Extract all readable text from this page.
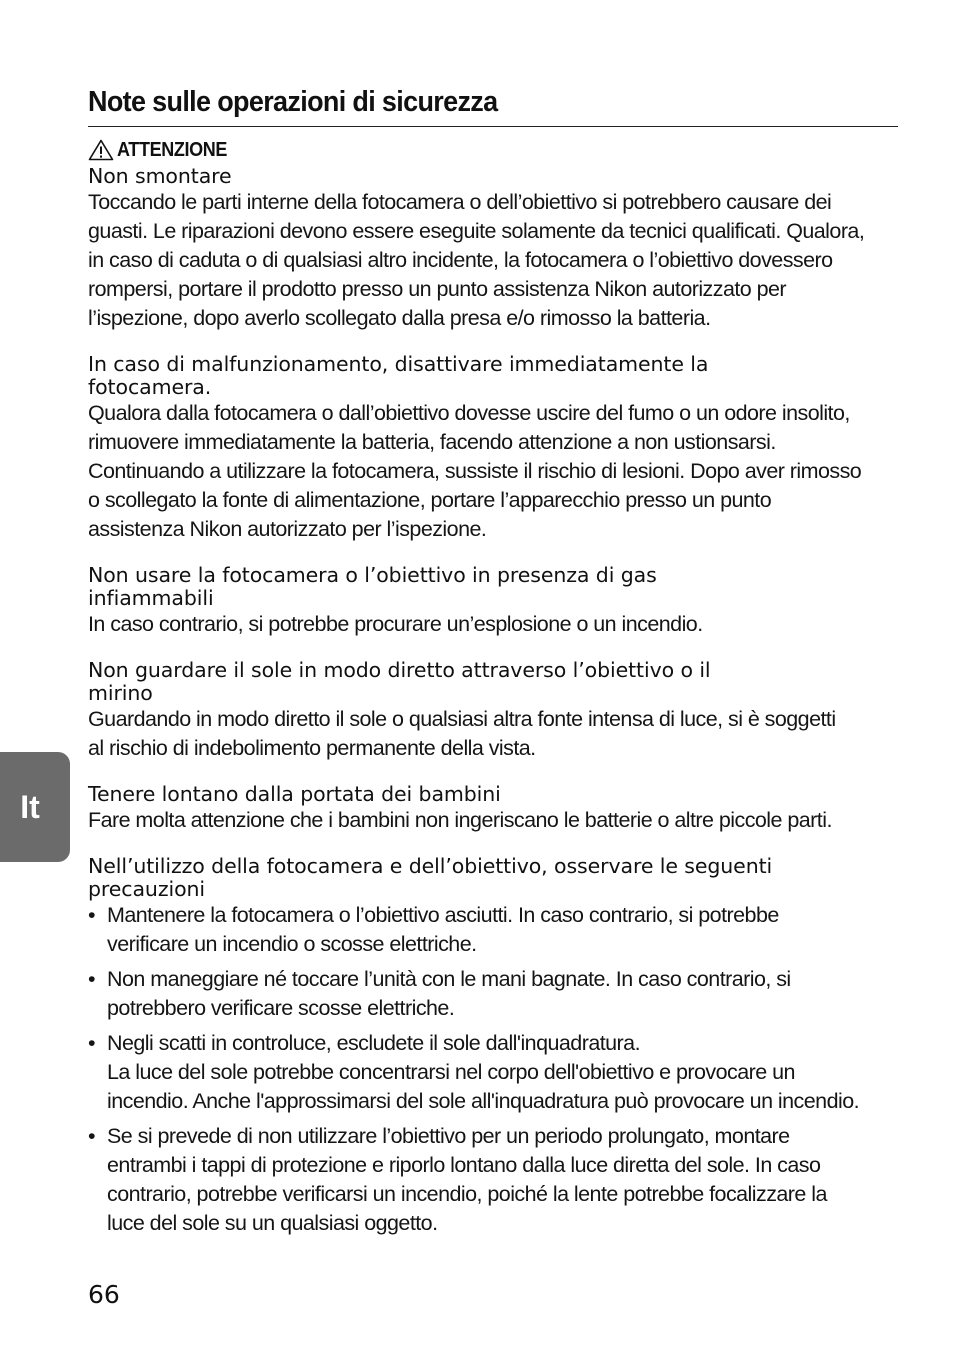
Note sulle operazioni di sicurezza
ATTENZIONE
Non smontare
Toccando le parti interne della fotocamera o dell’obiettivo si potrebbero causare dei
guasti. Le riparazioni devono essere eseguite solamente da tecnici qualificati. Qualora,
in caso di caduta o di qualsiasi altro incidente, la fotocamera o l’obiettivo dovessero
rompersi, portare il prodotto presso un punto assistenza Nikon autorizzato per
l’ispezione, dopo averlo scollegato dalla presa e/o rimosso la batteria.
In caso di malfunzionamento, disattivare immediatamente la
fotocamera.
Qualora dalla fotocamera o dall’obiettivo dovesse uscire del fumo o un odore insolito,
rimuovere immediatamente la batteria, facendo attenzione a non ustionsarsi.
Continuando a utilizzare la fotocamera, sussiste il rischio di lesioni. Dopo aver rimosso
o scollegato la fonte di alimentazione, portare l’apparecchio presso un punto
assistenza Nikon autorizzato per l’ispezione.
Non usare la fotocamera o l’obiettivo in presenza di gas
infiammabili
In caso contrario, si potrebbe procurare un’esplosione o un incendio.
Non guardare il sole in modo diretto attraverso l’obiettivo o il
mirino
Guardando in modo diretto il sole o qualsiasi altra fonte intensa di luce, si è soggetti
al rischio di indebolimento permanente della vista.
Tenere lontano dalla portata dei bambini
Fare molta attenzione che i bambini non ingeriscano le batterie o altre piccole parti.
Nell’utilizzo della fotocamera e dell’obiettivo, osservare le seguenti
precauzioni
• Mantenere la fotocamera o l’obiettivo asciutti. In caso contrario, si potrebbe
verificare un incendio o scosse elettriche.
• Non maneggiare né toccare l’unità con le mani bagnate. In caso contrario, si
potrebbero verificare scosse elettriche.
• Negli scatti in controluce, escludete il sole dall'inquadratura.
La luce del sole potrebbe concentrarsi nel corpo dell'obiettivo e provocare un
incendio. Anche l'approssimarsi del sole all'inquadratura può provocare un incendio.
• Se si prevede di non utilizzare l’obiettivo per un periodo prolungato, montare
entrambi i tappi di protezione e riporlo lontano dalla luce diretta del sole. In caso
contrario, potrebbe verificarsi un incendio, poiché la lente potrebbe focalizzare la
luce del sole su un qualsiasi oggetto.
It
66
